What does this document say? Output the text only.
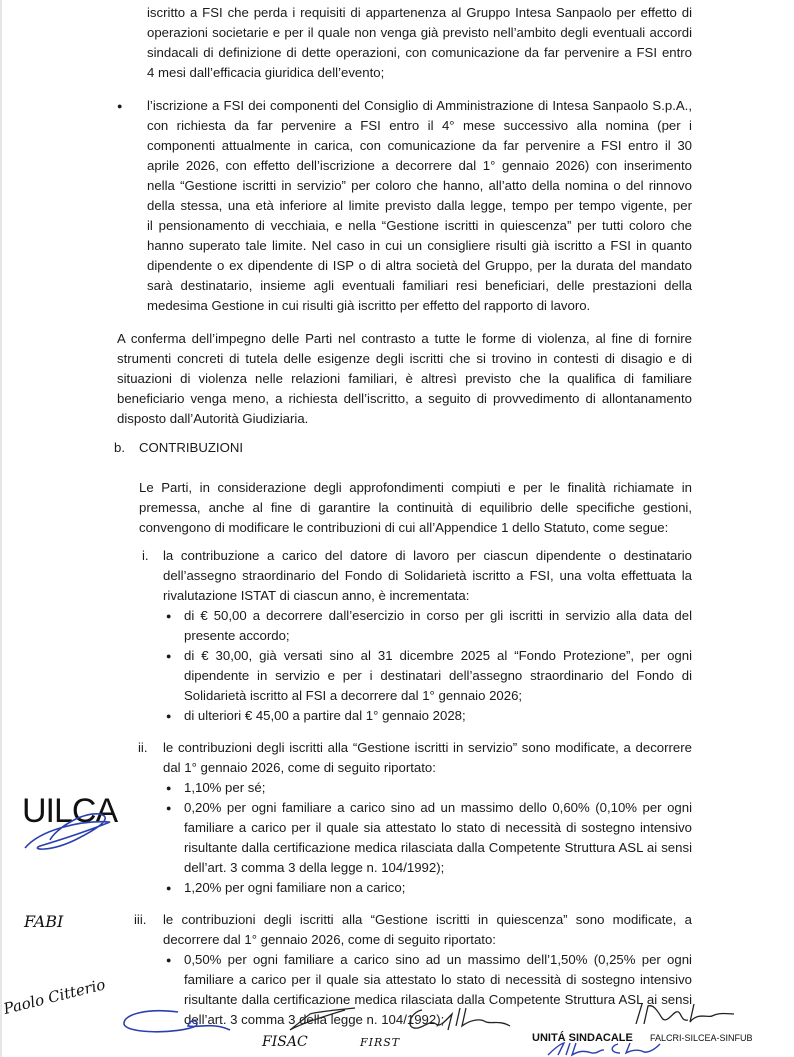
iscritto a FSI che perda i requisiti di appartenenza al Gruppo Intesa Sanpaolo per effetto di
operazioni societarie e per il quale non venga già previsto nell’ambito degli eventuali accordi
sindacali di definizione di dette operazioni, con comunicazione da far pervenire a FSI entro
4 mesi dall’efficacia giuridica dell’evento;
● l’iscrizione a FSI dei componenti del Consiglio di Amministrazione di Intesa Sanpaolo S.p.A.,
con richiesta da far pervenire a FSI entro il 4° mese successivo alla nomina (per i
componenti attualmente in carica, con comunicazione da far pervenire a FSI entro il 30
aprile 2026, con effetto dell’iscrizione a decorrere dal 1° gennaio 2026) con inserimento
nella “Gestione iscritti in servizio” per coloro che hanno, all’atto della nomina o del rinnovo
della stessa, una età inferiore al limite previsto dalla legge, tempo per tempo vigente, per
il pensionamento di vecchiaia, e nella “Gestione iscritti in quiescenza” per tutti coloro che
hanno superato tale limite. Nel caso in cui un consigliere risulti già iscritto a FSI in quanto
dipendente o ex dipendente di ISP o di altra società del Gruppo, per la durata del mandato
sarà destinatario, insieme agli eventuali familiari resi beneficiari, delle prestazioni della
medesima Gestione in cui risulti già iscritto per effetto del rapporto di lavoro.
A conferma dell’impegno delle Parti nel contrasto a tutte le forme di violenza, al fine di fornire
strumenti concreti di tutela delle esigenze degli iscritti che si trovino in contesti di disagio e di
situazioni di violenza nelle relazioni familiari, è altresì previsto che la qualifica di familiare
beneficiario venga meno, a richiesta dell’iscritto, a seguito di provvedimento di allontanamento
disposto dall’Autorità Giudiziaria.
b. CONTRIBUZIONI
Le Parti, in considerazione degli approfondimenti compiuti e per le finalità richiamate in
premessa, anche al fine di garantire la continuità di equilibrio delle specifiche gestioni,
convengono di modificare le contribuzioni di cui all’Appendice 1 dello Statuto, come segue:
i. la contribuzione a carico del datore di lavoro per ciascun dipendente o destinatario
dell’assegno straordinario del Fondo di Solidarietà iscritto a FSI, una volta effettuata la
rivalutazione ISTAT di ciascun anno, è incrementata:
● di € 50,00 a decorrere dall’esercizio in corso per gli iscritti in servizio alla data del
presente accordo;
● di € 30,00, già versati sino al 31 dicembre 2025 al “Fondo Protezione”, per ogni
dipendente in servizio e per i destinatari dell’assegno straordinario del Fondo di
Solidarietà iscritto al FSI a decorrere dal 1° gennaio 2026;
● di ulteriori € 45,00 a partire dal 1° gennaio 2028;
ii. le contribuzioni degli iscritti alla “Gestione iscritti in servizio” sono modificate, a decorrere
dal 1° gennaio 2026, come di seguito riportato:
● 1,10% per sé;
● 0,20% per ogni familiare a carico sino ad un massimo dello 0,60% (0,10% per ogni
familiare a carico per il quale sia attestato lo stato di necessità di sostegno intensivo
risultante dalla certificazione medica rilasciata dalla Competente Struttura ASL ai sensi
dell’art. 3 comma 3 della legge n. 104/1992);
● 1,20% per ogni familiare non a carico;
iii. le contribuzioni degli iscritti alla “Gestione iscritti in quiescenza” sono modificate, a
decorrere dal 1° gennaio 2026, come di seguito riportato:
● 0,50% per ogni familiare a carico sino ad un massimo dell’1,50% (0,25% per ogni
familiare a carico per il quale sia attestato lo stato di necessità di sostegno intensivo
risultante dalla certificazione medica rilasciata dalla Competente Struttura ASL ai sensi
dell’art. 3 comma 3 della legge n. 104/1992);
UILCA
FABI
Paolo Citterio
FISAC	FIRST	UNITÁ SINDACALE FALCRI-SILCEA-SINFUB
